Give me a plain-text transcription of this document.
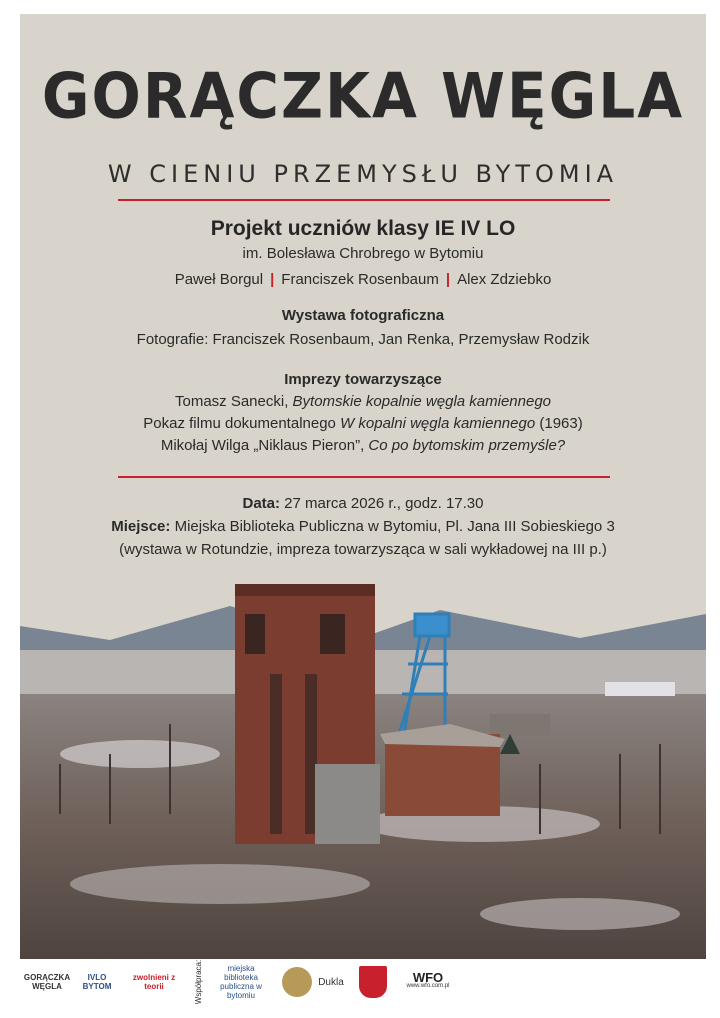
GORĄCZKA WĘGLA
W CIENIU PRZEMYSŁU BYTOMIA
Projekt uczniów klasy IE IV LO
im. Bolesława Chrobrego w Bytomiu
Paweł Borgul | Franciszek Rosenbaum | Alex Zdziebko
Wystawa fotograficzna
Fotografie: Franciszek Rosenbaum, Jan Renka, Przemysław Rodzik
Imprezy towarzyszące
Tomasz Sanecki, Bytomskie kopalnie węgla kamiennego
Pokaz filmu dokumentalnego W kopalni węgla kamiennego (1963)
Mikołaj Wilga „Niklaus Pieron”, Co po bytomskim przemyśle?
Data: 27 marca 2026 r., godz. 17.30
Miejsce: Miejska Biblioteka Publiczna w Bytomiu, Pl. Jana III Sobieskiego 3
(wystawa w Rotundzie, impreza towarzysząca w sali wykładowej na III p.)
GORĄCZKA WĘGLA
IVLO BYTOM
zwolnieni z teorii	Współpraca:	miejska biblioteka publiczna w bytomiu
Dukla	WFO
www.wfo.com.pl
